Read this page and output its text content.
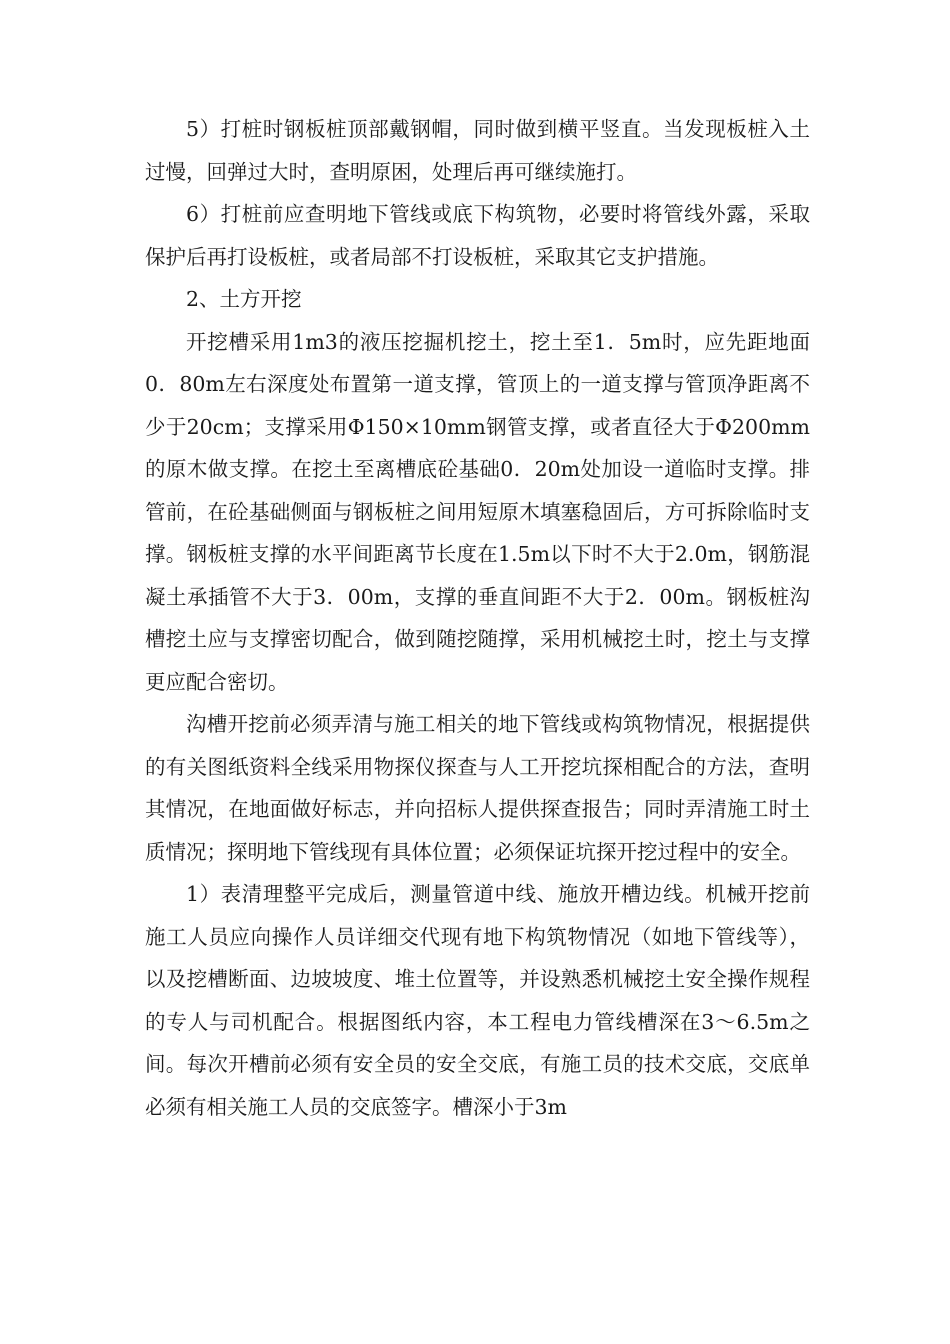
5）打桩时钢板桩顶部戴钢帽，同时做到横平竖直。当发现板桩入土过慢，回弹过大时，查明原困，处理后再可继续施打。

6）打桩前应查明地下管线或底下构筑物，必要时将管线外露，采取保护后再打设板桩，或者局部不打设板桩，采取其它支护措施。

2、土方开挖

开挖槽采用1m3的液压挖掘机挖土，挖土至1．5m时，应先距地面0．80m左右深度处布置第一道支撑，管顶上的一道支撑与管顶净距离不少于20cm；支撑采用Φ150×10mm钢管支撑，或者直径大于Φ200mm的原木做支撑。在挖土至离槽底砼基础0．20m处加设一道临时支撑。排管前，在砼基础侧面与钢板桩之间用短原木填塞稳固后，方可拆除临时支撑。钢板桩支撑的水平间距离节长度在1.5m以下时不大于2.0m，钢筋混凝土承插管不大于3．00m，支撑的垂直间距不大于2．00m。钢板桩沟槽挖土应与支撑密切配合，做到随挖随撑，采用机械挖土时，挖土与支撑更应配合密切。

沟槽开挖前必须弄清与施工相关的地下管线或构筑物情况，根据提供的有关图纸资料全线采用物探仪探查与人工开挖坑探相配合的方法，查明其情况，在地面做好标志，并向招标人提供探查报告；同时弄清施工时土质情况；探明地下管线现有具体位置；必须保证坑探开挖过程中的安全。

1）表清理整平完成后，测量管道中线、施放开槽边线。机械开挖前施工人员应向操作人员详细交代现有地下构筑物情况（如地下管线等），以及挖槽断面、边坡坡度、堆土位置等，并设熟悉机械挖土安全操作规程的专人与司机配合。根据图纸内容，本工程电力管线槽深在3～6.5m之间。每次开槽前必须有安全员的安全交底，有施工员的技术交底，交底单必须有相关施工人员的交底签字。槽深小于3m
